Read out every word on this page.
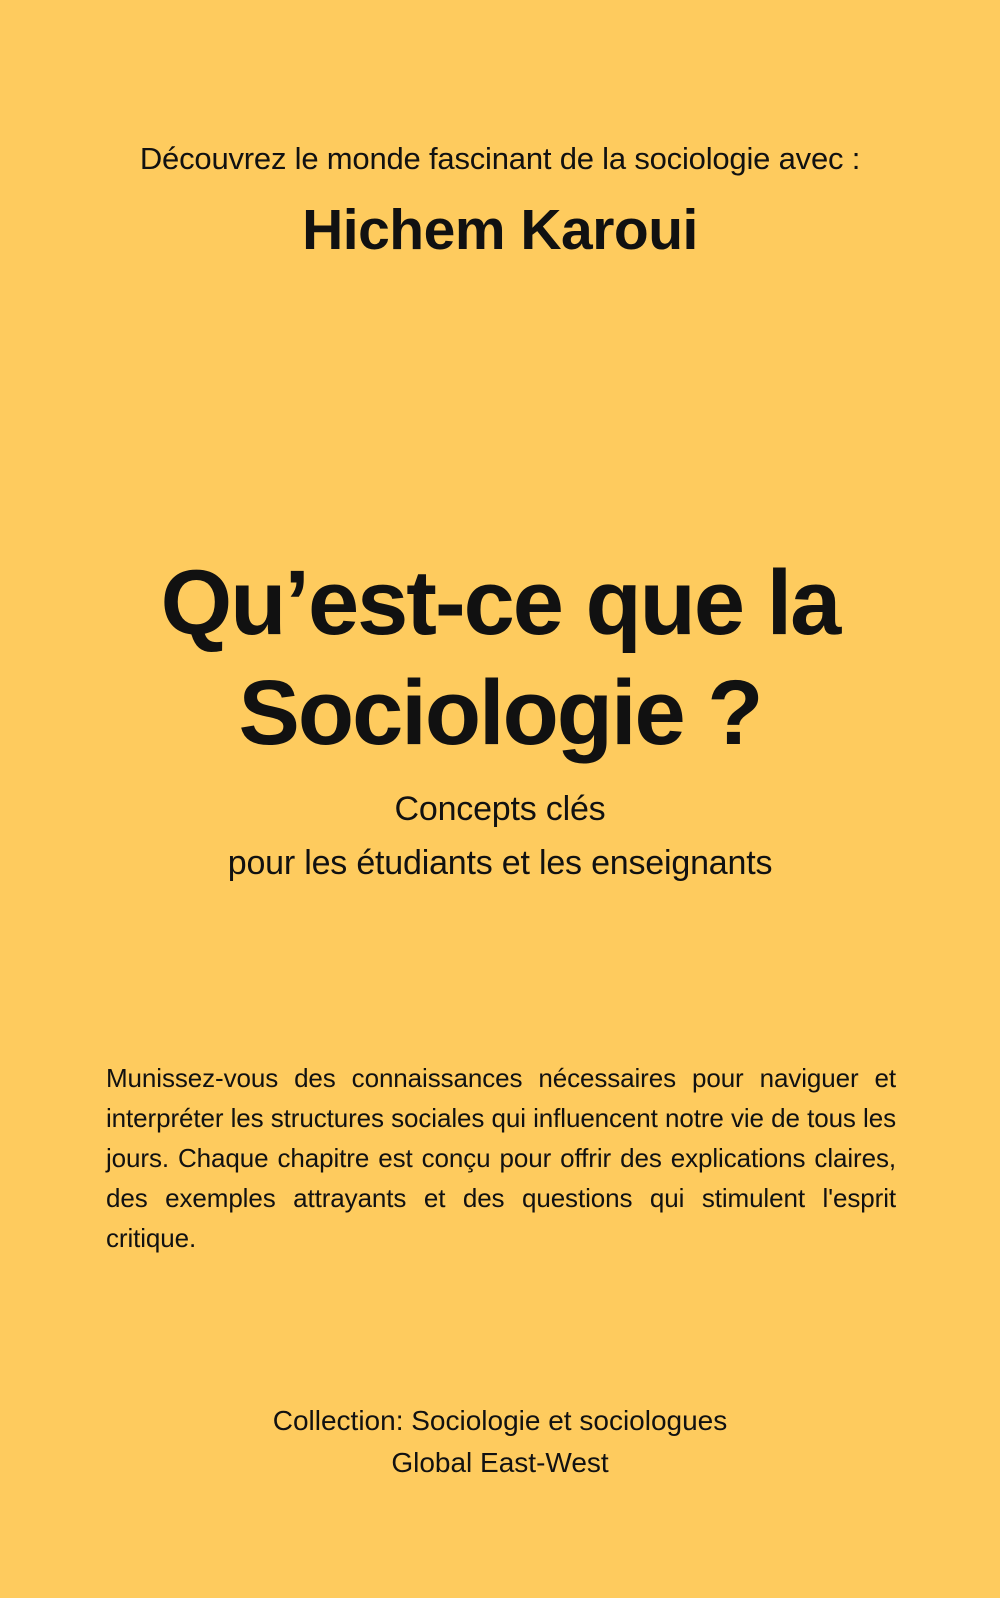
Découvrez le monde fascinant de la sociologie avec :
Hichem Karoui
Qu’est-ce que la
Sociologie ?
Concepts clés
pour les étudiants et les enseignants
Munissez-vous des connaissances nécessaires pour naviguer et interpréter les structures sociales qui influencent notre vie de tous les jours. Chaque chapitre est conçu pour offrir des explications claires, des exemples attrayants et des questions qui stimulent l'esprit critique.
Collection: Sociologie et sociologues
Global East-West
